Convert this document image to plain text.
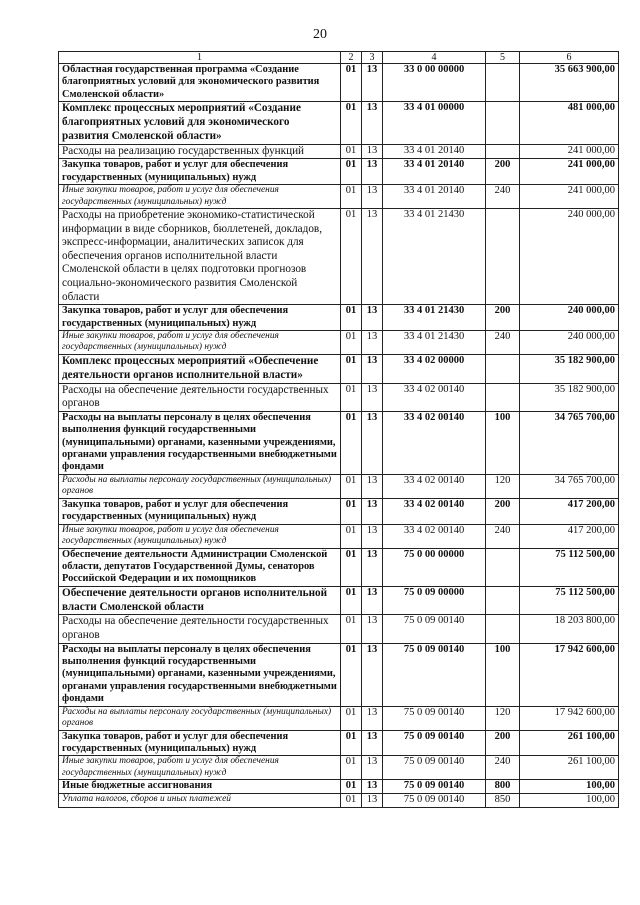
20
1	2	3	4	5	6
Областная государственная программа «Создание благоприятных условий для экономического развития Смоленской области»	01	13	33 0 00 00000		35 663 900,00
Комплекс процессных мероприятий «Создание благоприятных условий для экономического развития Смоленской области»	01	13	33 4 01 00000		481 000,00
Расходы на реализацию государственных функций	01	13	33 4 01 20140		241 000,00
Закупка товаров, работ и услуг для обеспечения государственных (муниципальных) нужд	01	13	33 4 01 20140	200	241 000,00
Иные закупки товаров, работ и услуг для обеспечения государственных (муниципальных) нужд	01	13	33 4 01 20140	240	241 000,00
Расходы на приобретение экономико-статистической информации в виде сборников, бюллетеней, докладов, экспресс-информации, аналитических записок для обеспечения органов исполнительной власти Смоленской области в целях подготовки прогнозов социально-экономического развития Смоленской области	01	13	33 4 01 21430		240 000,00
Закупка товаров, работ и услуг для обеспечения государственных (муниципальных) нужд	01	13	33 4 01 21430	200	240 000,00
Иные закупки товаров, работ и услуг для обеспечения государственных (муниципальных) нужд	01	13	33 4 01 21430	240	240 000,00
Комплекс процессных мероприятий «Обеспечение деятельности органов исполнительной власти»	01	13	33 4 02 00000		35 182 900,00
Расходы на обеспечение деятельности государственных органов	01	13	33 4 02 00140		35 182 900,00
Расходы на выплаты персоналу в целях обеспечения выполнения функций государственными (муниципальными) органами, казенными учреждениями, органами управления государственными внебюджетными фондами	01	13	33 4 02 00140	100	34 765 700,00
Расходы на выплаты персоналу государственных (муниципальных) органов	01	13	33 4 02 00140	120	34 765 700,00
Закупка товаров, работ и услуг для обеспечения государственных (муниципальных) нужд	01	13	33 4 02 00140	200	417 200,00
Иные закупки товаров, работ и услуг для обеспечения государственных (муниципальных) нужд	01	13	33 4 02 00140	240	417 200,00
Обеспечение деятельности Администрации Смоленской области, депутатов Государственной Думы, сенаторов Российской Федерации и их помощников	01	13	75 0 00 00000		75 112 500,00
Обеспечение деятельности органов исполнительной власти Смоленской области	01	13	75 0 09 00000		75 112 500,00
Расходы на обеспечение деятельности государственных органов	01	13	75 0 09 00140		18 203 800,00
Расходы на выплаты персоналу в целях обеспечения выполнения функций государственными (муниципальными) органами, казенными учреждениями, органами управления государственными внебюджетными фондами	01	13	75 0 09 00140	100	17 942 600,00
Расходы на выплаты персоналу государственных (муниципальных) органов	01	13	75 0 09 00140	120	17 942 600,00
Закупка товаров, работ и услуг для обеспечения государственных (муниципальных) нужд	01	13	75 0 09 00140	200	261 100,00
Иные закупки товаров, работ и услуг для обеспечения государственных (муниципальных) нужд	01	13	75 0 09 00140	240	261 100,00
Иные бюджетные ассигнования	01	13	75 0 09 00140	800	100,00
Уплата налогов, сборов и иных платежей	01	13	75 0 09 00140	850	100,00
